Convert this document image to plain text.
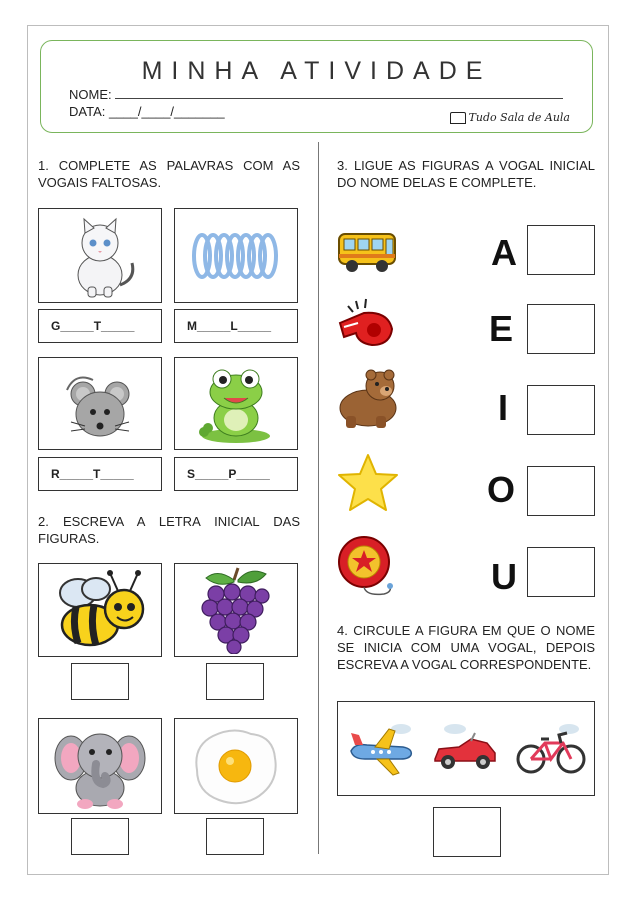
MINHA ATIVIDADE
NOME:
DATA: ____/____/_______	Tudo Sala de Aula
1. COMPLETE AS PALAVRAS COM AS VOGAIS FALTOSAS.
G_____T_____	M_____L_____
R_____T_____	S_____P_____
2. ESCREVA A LETRA INICIAL DAS FIGURAS.
3. LIGUE AS FIGURAS A VOGAL INICIAL DO NOME DELAS E COMPLETE.
A
E
I
O
U
4. CIRCULE A FIGURA EM QUE O NOME SE INICIA COM UMA VOGAL, DEPOIS ESCREVA A VOGAL CORRESPONDENTE.
